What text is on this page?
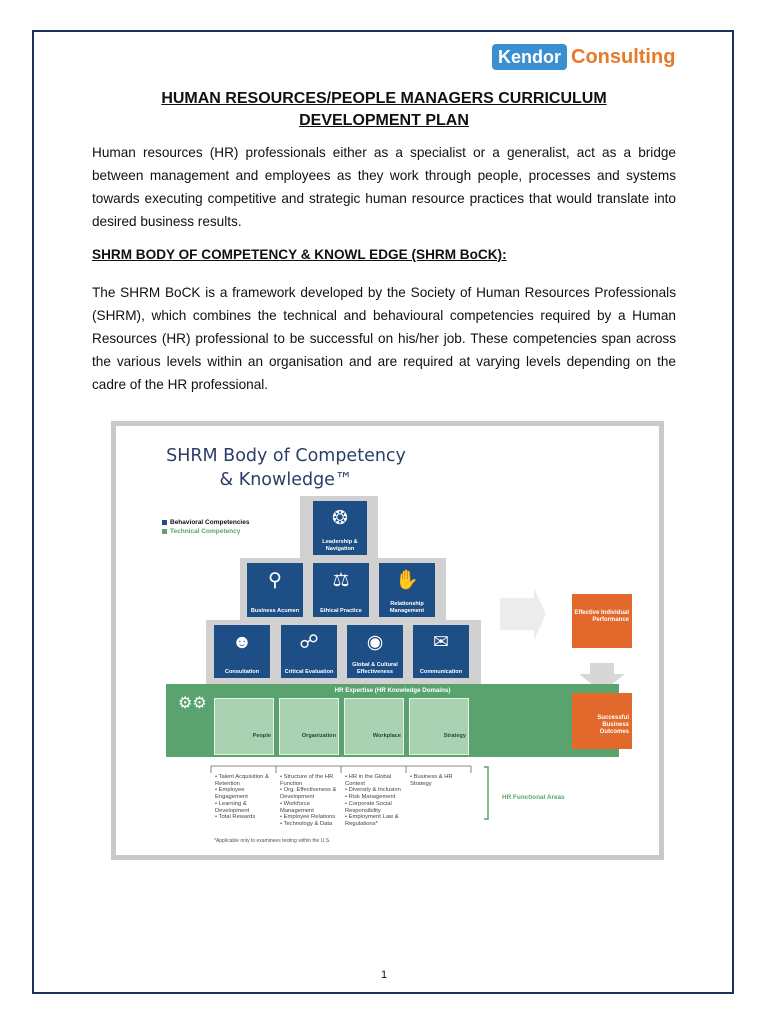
Kendor Consulting
HUMAN RESOURCES/PEOPLE MANAGERS CURRICULUM
DEVELOPMENT PLAN

Human resources (HR) professionals either as a specialist or a generalist, act as a bridge between management and employees as they work through people, processes and systems towards executing competitive and strategic human resource practices that would translate into desired business results.

SHRM BODY OF COMPETENCY & KNOWL EDGE (SHRM BoCK):

The SHRM BoCK is a framework developed by the Society of Human Resources Professionals (SHRM), which combines the technical and behavioural competencies required by a Human Resources (HR) professional to be successful on his/her job. These competencies span across the various levels within an organisation and are required at varying levels depending on the cadre of the HR professional.

SHRM Body of Competency
& Knowledge™
Behavioral Competencies
Technical Competency
❂
Leadership & Navigation
⚲
Business Acumen
⚖
Ethical Practice
✋
Relationship Management
☻
Consultation
☍
Critical Evaluation
◉
Global & Cultural Effectiveness
✉
Communication
HR Expertise (HR Knowledge Domains)
⚙⚙
People	Organization	Workplace	Strategy
• Talent Acquisition & Retention
• Employee Engagement
• Learning & Development
• Total Rewards
• Structure of the HR Function
• Org. Effectiveness & Development
• Workforce Management
• Employee Relations
• Technology & Data
• HR in the Global Context
• Diversity & Inclusion
• Risk Management
• Corporate Social Responsibility
• Employment Law & Regulations*
• Business & HR Strategy
HR Functional Areas
*Applicable only to examinees testing within the U.S.
Effective Individual Performance
Successful Business Outcomes
1
